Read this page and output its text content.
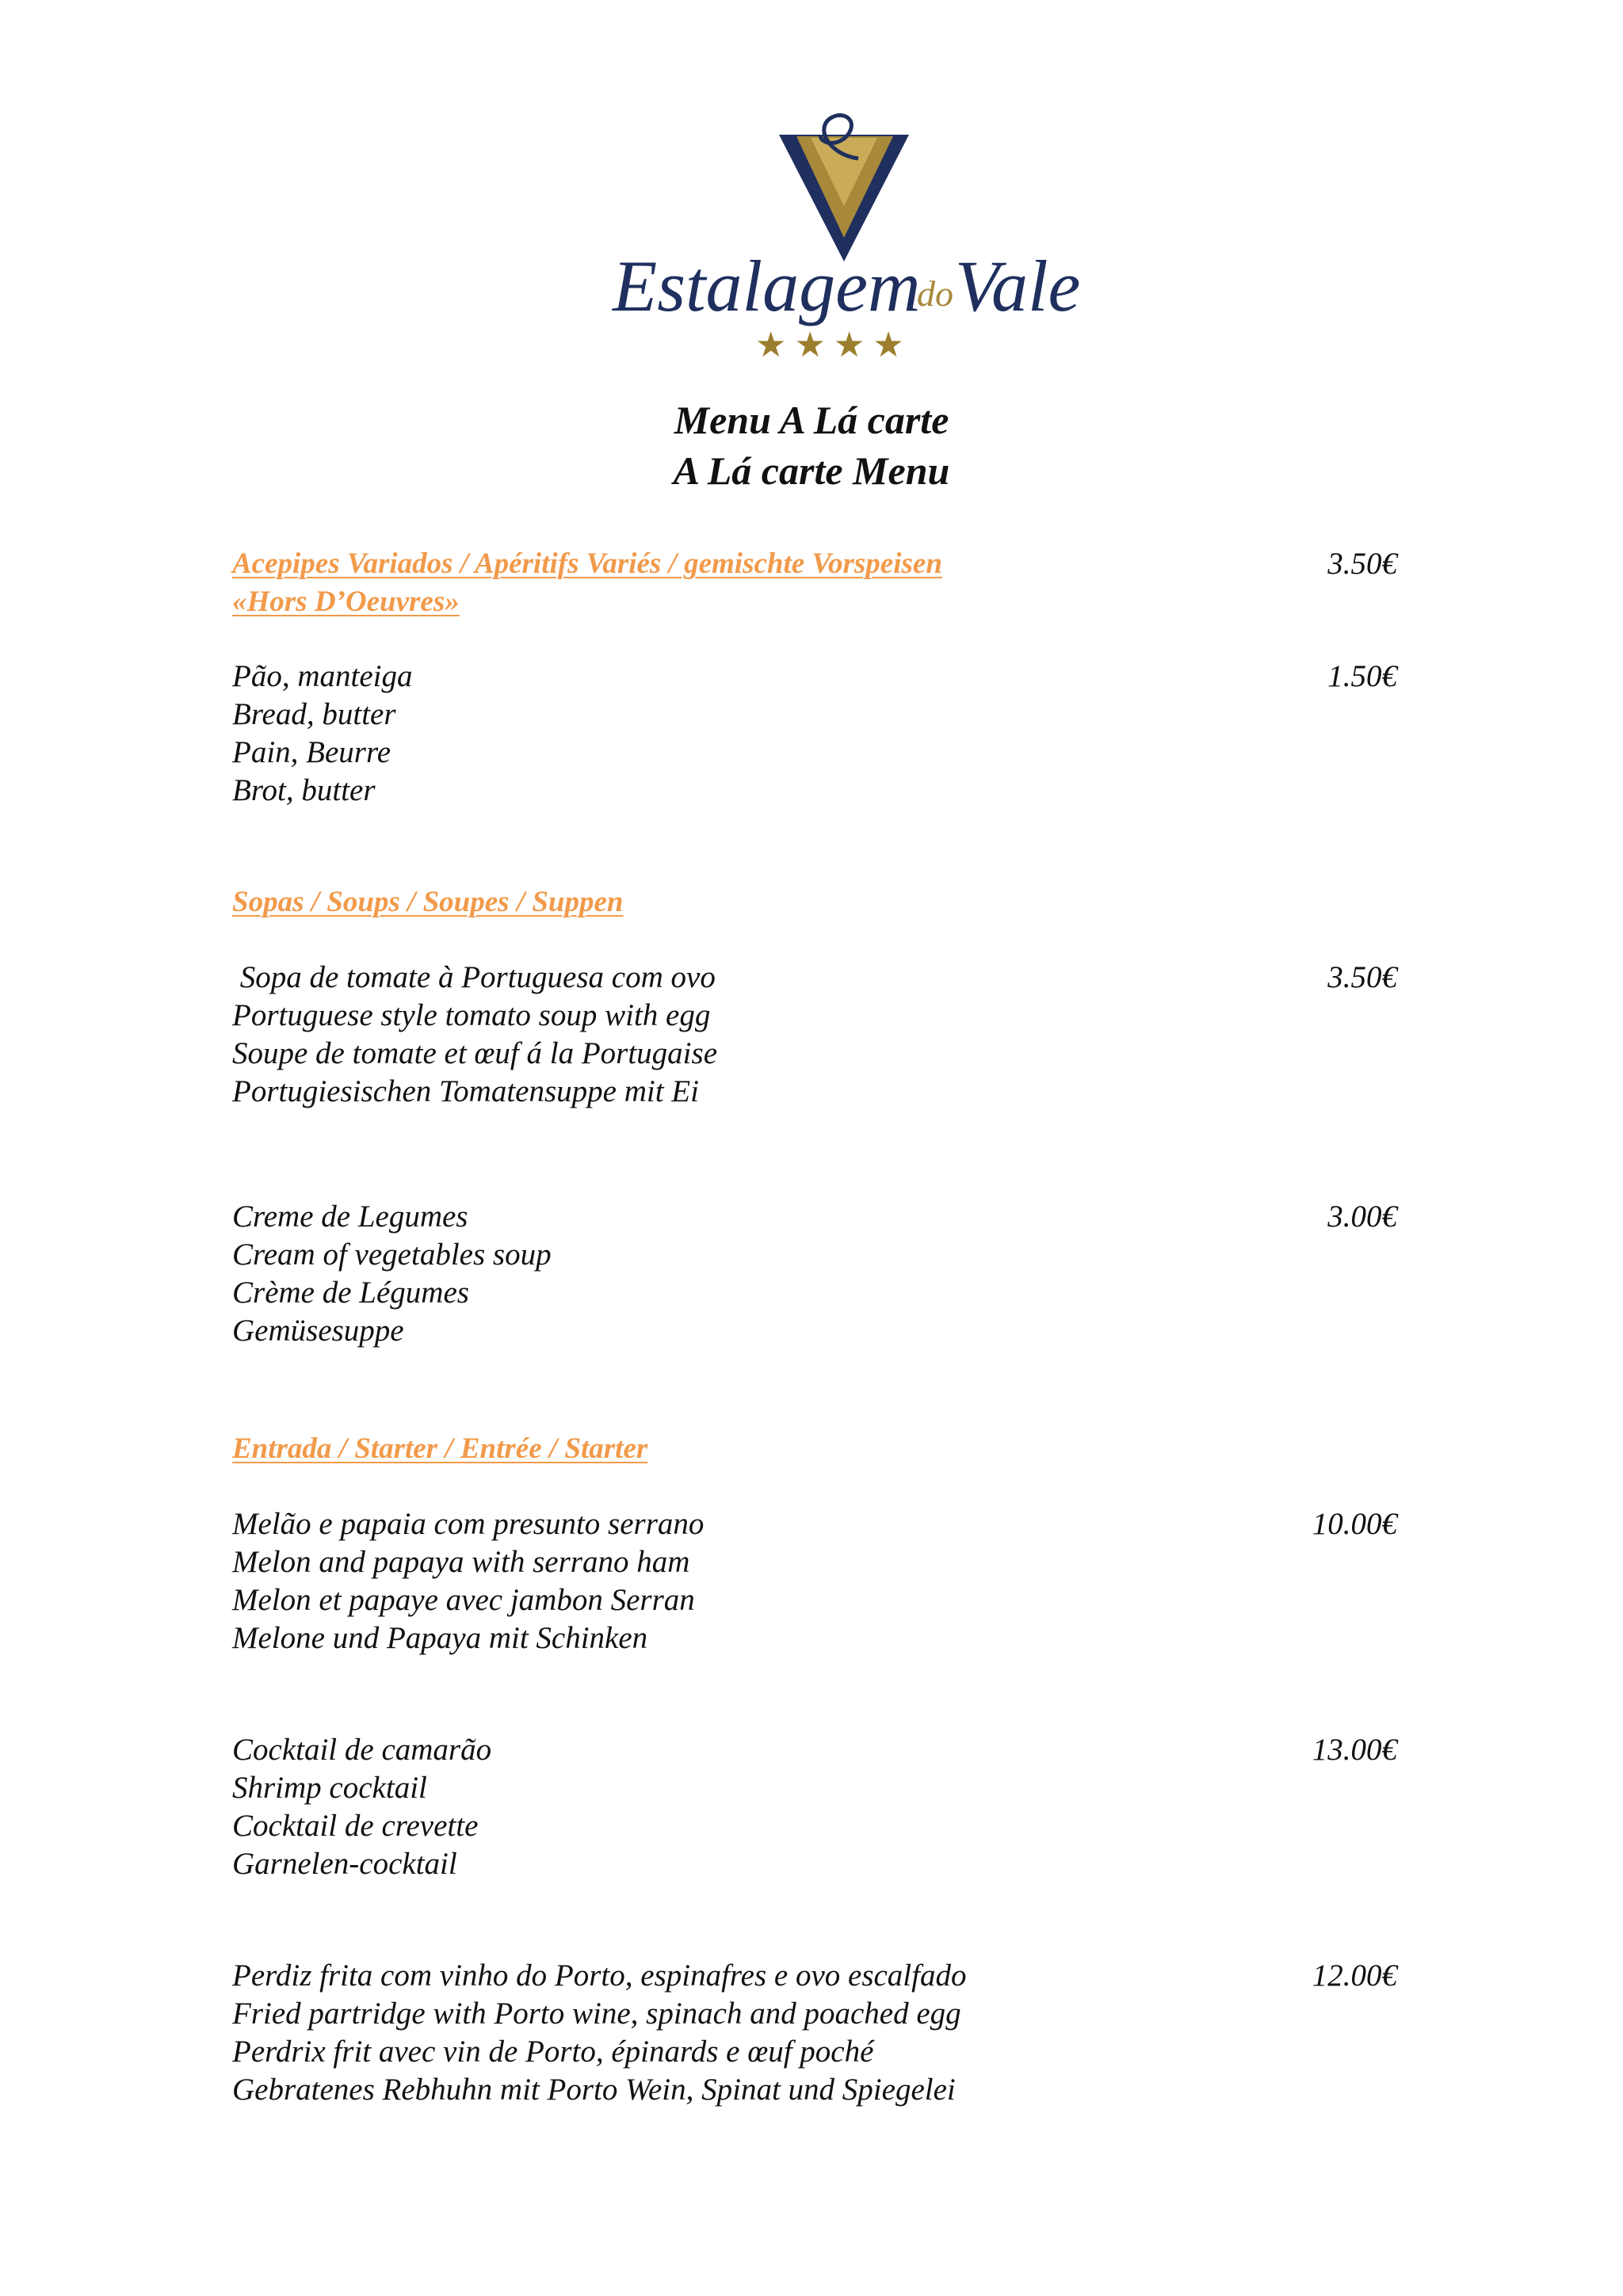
Estalagem
do Vale
★★★★
Menu A Lá carte
A Lá carte Menu
Acepipes Variados / Apéritifs Variés / gemischte Vorspeisen
«Hors D’Oeuvres»
3.50€
Pão, manteiga
Bread, butter
Pain, Beurre
Brot, butter
1.50€
Sopas / Soups / Soupes / Suppen
Sopa de tomate à Portuguesa com ovo
Portuguese style tomato soup with egg
Soupe de tomate et œuf á la Portugaise
Portugiesischen Tomatensuppe mit Ei
3.50€
Creme de Legumes
Cream of vegetables soup
Crème de Légumes
Gemüsesuppe
3.00€
Entrada / Starter / Entrée / Starter
Melão e papaia com presunto serrano
Melon and papaya with serrano ham
Melon et papaye avec jambon Serran
Melone und Papaya mit Schinken
10.00€
Cocktail de camarão
Shrimp cocktail
Cocktail de crevette
Garnelen-cocktail
13.00€
Perdiz frita com vinho do Porto, espinafres e ovo escalfado
Fried partridge with Porto wine, spinach and poached egg
Perdrix frit avec vin de Porto, épinards e œuf poché
Gebratenes Rebhuhn mit Porto Wein, Spinat und Spiegelei
12.00€
